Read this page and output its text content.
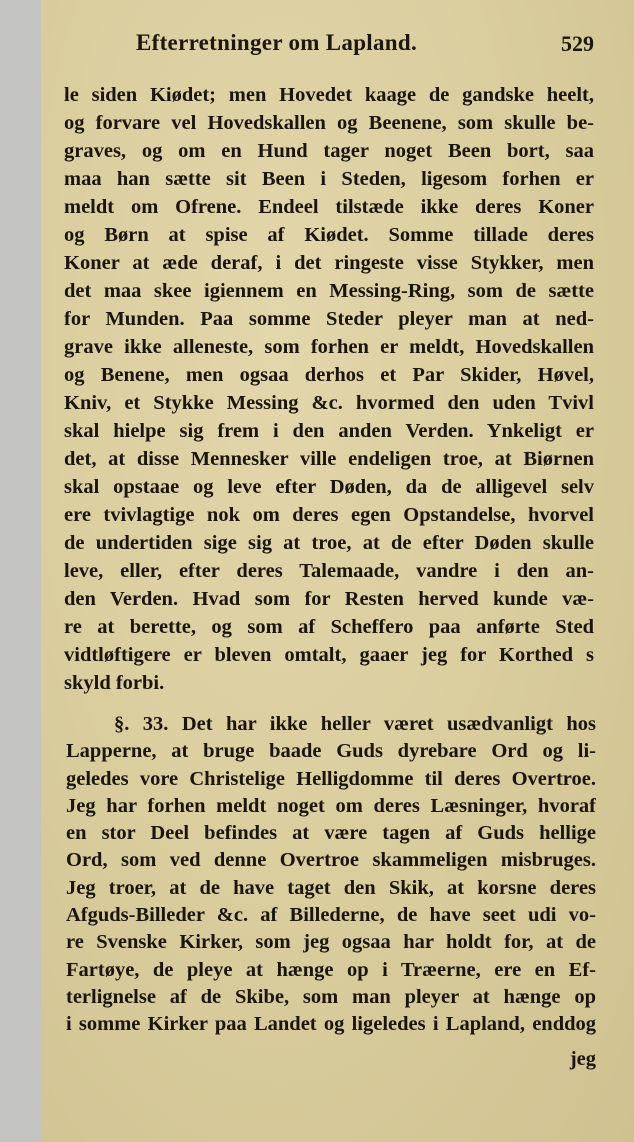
Efterretninger om Lapland.	529
le siden Kiødet; men Hovedet kaage de gandske heelt,
og forvare vel Hovedskallen og Beenene, som skulle be-
graves, og om en Hund tager noget Been bort, saa
maa han sætte sit Been i Steden, ligesom forhen er
meldt om Ofrene. Endeel tilstæde ikke deres Koner
og Børn at spise af Kiødet. Somme tillade deres
Koner at æde deraf, i det ringeste visse Stykker, men
det maa skee igiennem en Messing-Ring, som de sætte
for Munden. Paa somme Steder pleyer man at ned-
grave ikke alleneste, som forhen er meldt, Hovedskallen
og Benene, men ogsaa derhos et Par Skider, Høvel,
Kniv, et Stykke Messing &c. hvormed den uden Tvivl
skal hielpe sig frem i den anden Verden. Ynkeligt er
det, at disse Mennesker ville endeligen troe, at Biørnen
skal opstaae og leve efter Døden, da de alligevel selv
ere tvivlagtige nok om deres egen Opstandelse, hvorvel
de undertiden sige sig at troe, at de efter Døden skulle
leve, eller, efter deres Talemaade, vandre i den an-
den Verden. Hvad som for Resten herved kunde væ-
re at berette, og som af Scheffero paa anførte Sted
vidtløftigere er bleven omtalt, gaaer jeg for Korthed s
skyld forbi.
§. 33. Det har ikke heller været usædvanligt hos
Lapperne, at bruge baade Guds dyrebare Ord og li-
geledes vore Christelige Helligdomme til deres Overtroe.
Jeg har forhen meldt noget om deres Læsninger, hvoraf
en stor Deel befindes at være tagen af Guds hellige
Ord, som ved denne Overtroe skammeligen misbruges.
Jeg troer, at de have taget den Skik, at korsne deres
Afguds-Billeder &c. af Billederne, de have seet udi vo-
re Svenske Kirker, som jeg ogsaa har holdt for, at de
Fartøye, de pleye at hænge op i Træerne, ere en Ef-
terlignelse af de Skibe, som man pleyer at hænge op
i somme Kirker paa Landet og ligeledes i Lapland, enddog
jeg
